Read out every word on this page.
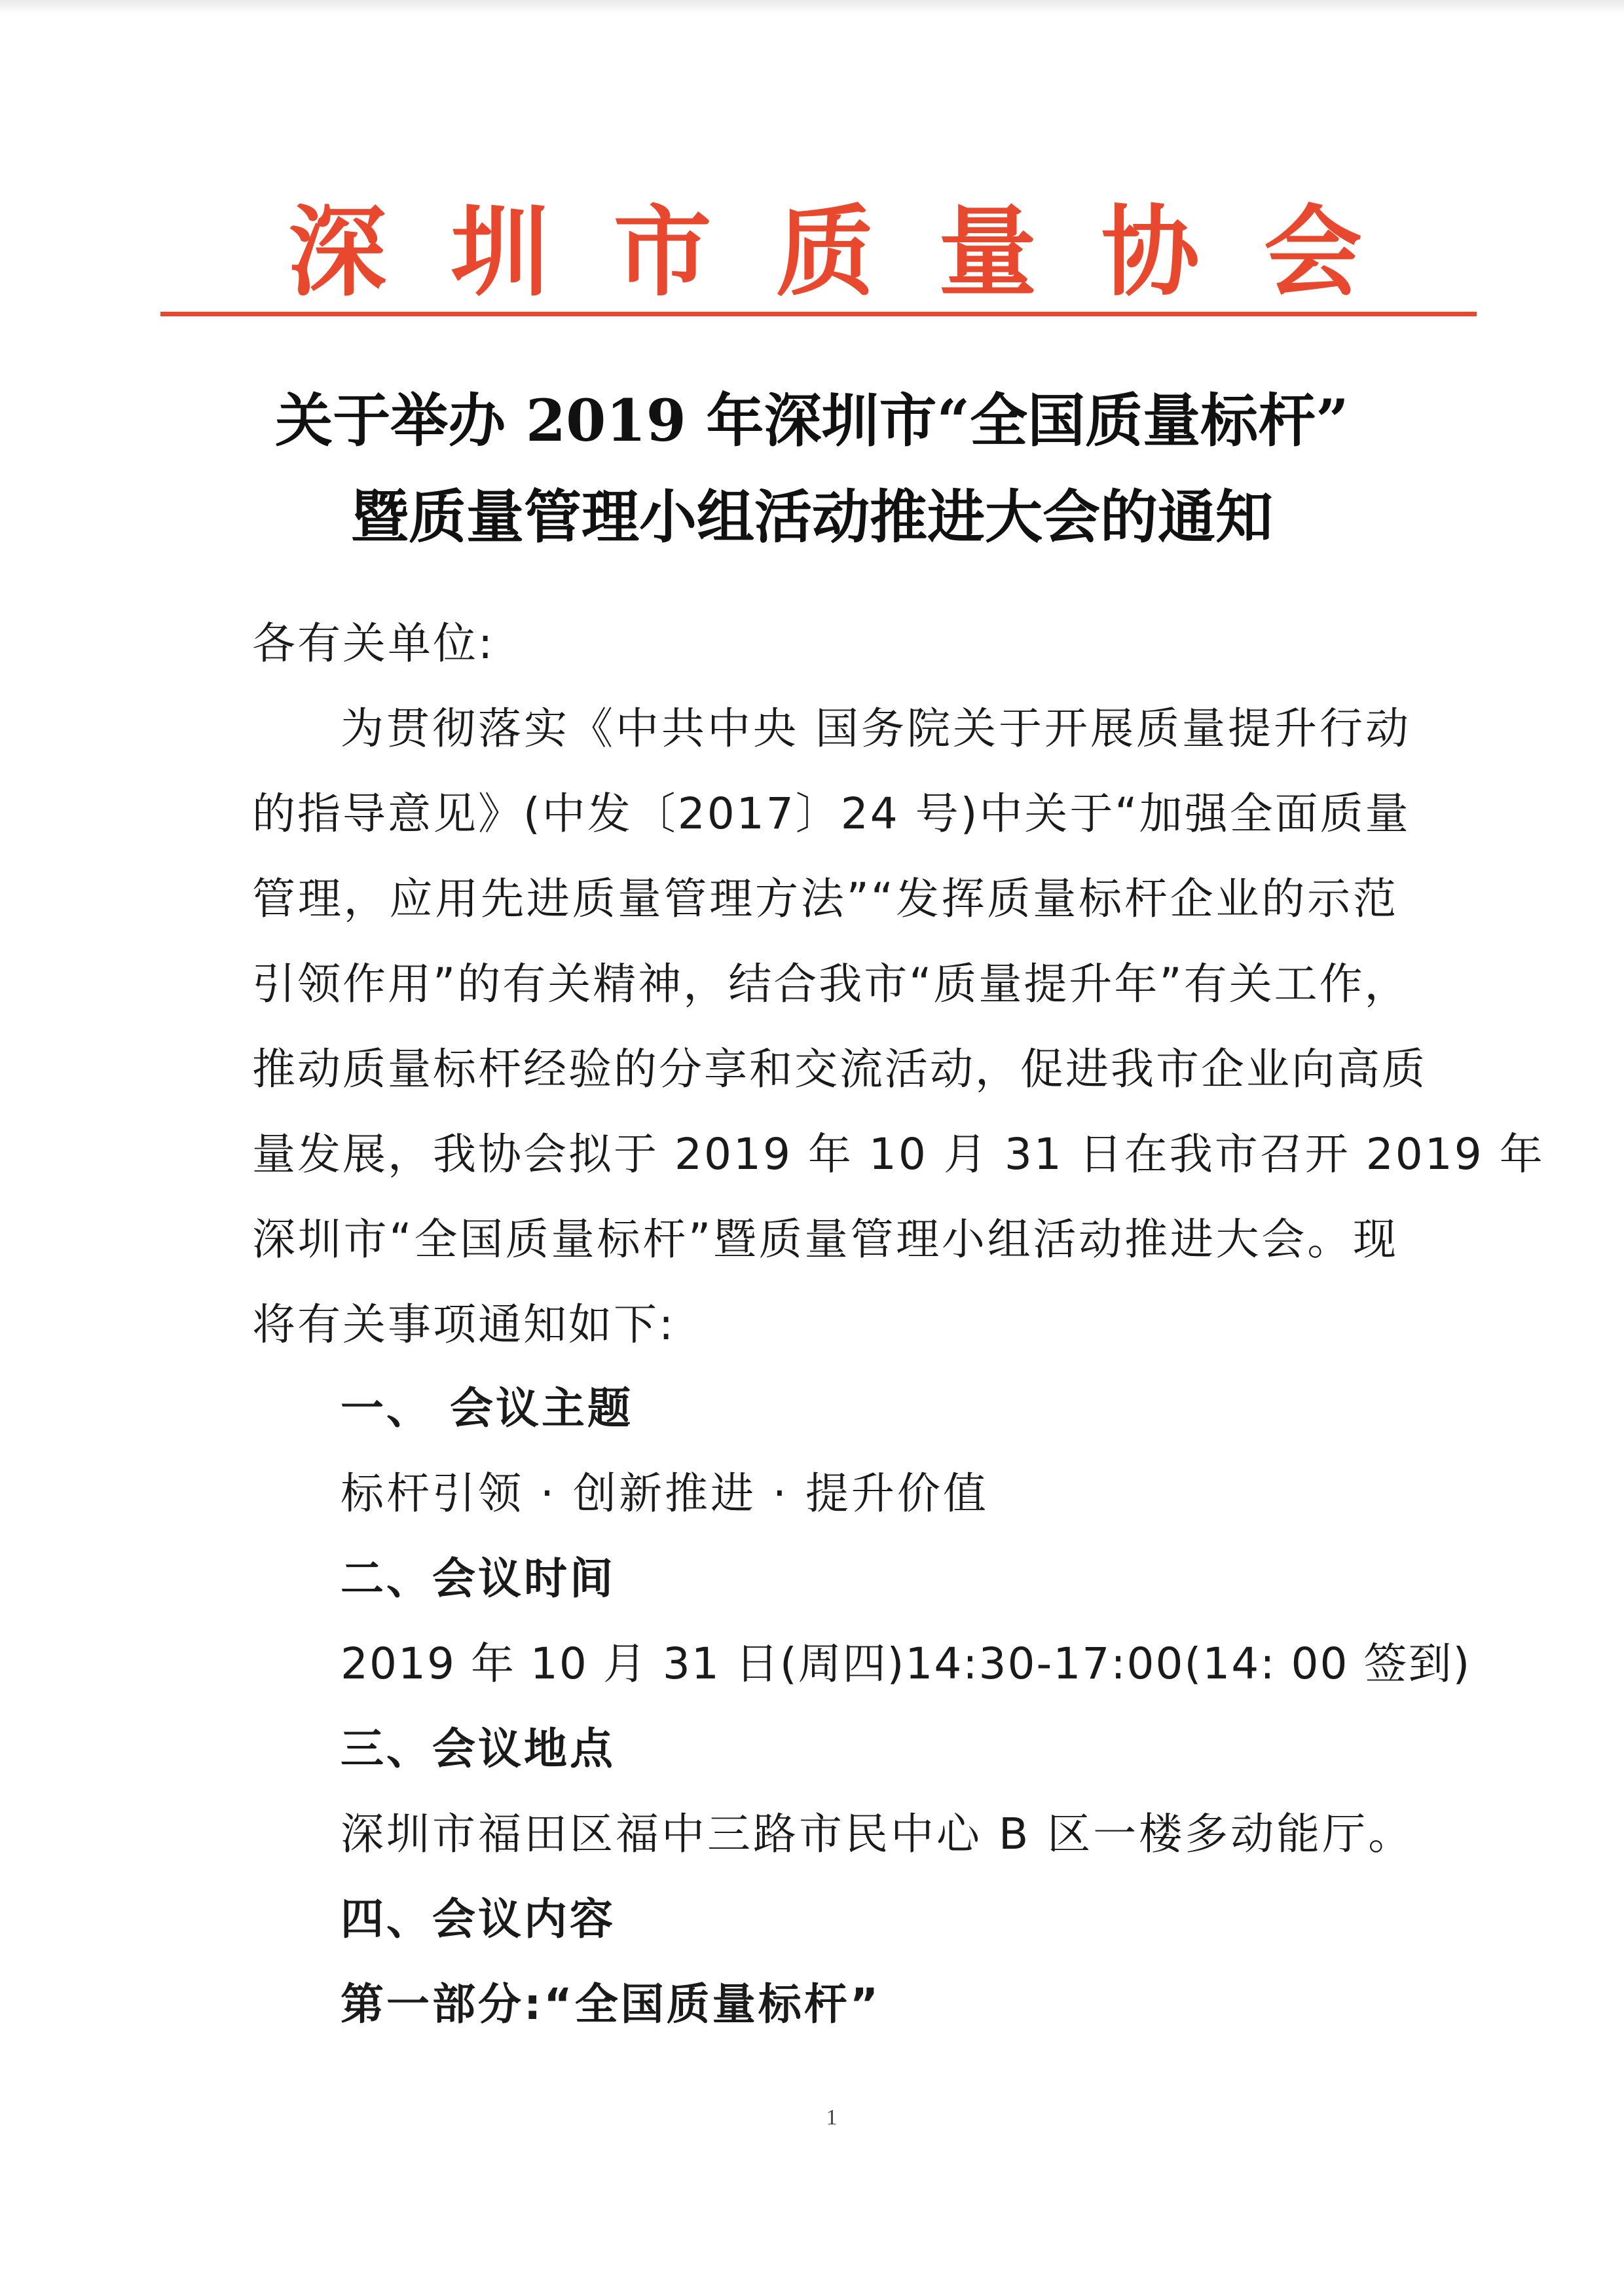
深 圳 市 质 量 协 会
关于举办 2019 年深圳市“全国质量标杆”
暨质量管理小组活动推进大会的通知
各有关单位:
为贯彻落实《中共中央 国务院关于开展质量提升行动
的指导意见》(中发〔2017〕24 号)中关于“加强全面质量
管理，应用先进质量管理方法”“发挥质量标杆企业的示范
引领作用”的有关精神，结合我市“质量提升年”有关工作，
推动质量标杆经验的分享和交流活动，促进我市企业向高质
量发展，我协会拟于 2019 年 10 月 31 日在我市召开 2019 年
深圳市“全国质量标杆”暨质量管理小组活动推进大会。现
将有关事项通知如下:
一、 会议主题
标杆引领 · 创新推进 · 提升价值
二、会议时间
2019 年 10 月 31 日(周四)14:30-17:00(14: 00 签到)
三、会议地点
深圳市福田区福中三路市民中心 B 区一楼多动能厅。
四、会议内容
第一部分:“全国质量标杆”
1
